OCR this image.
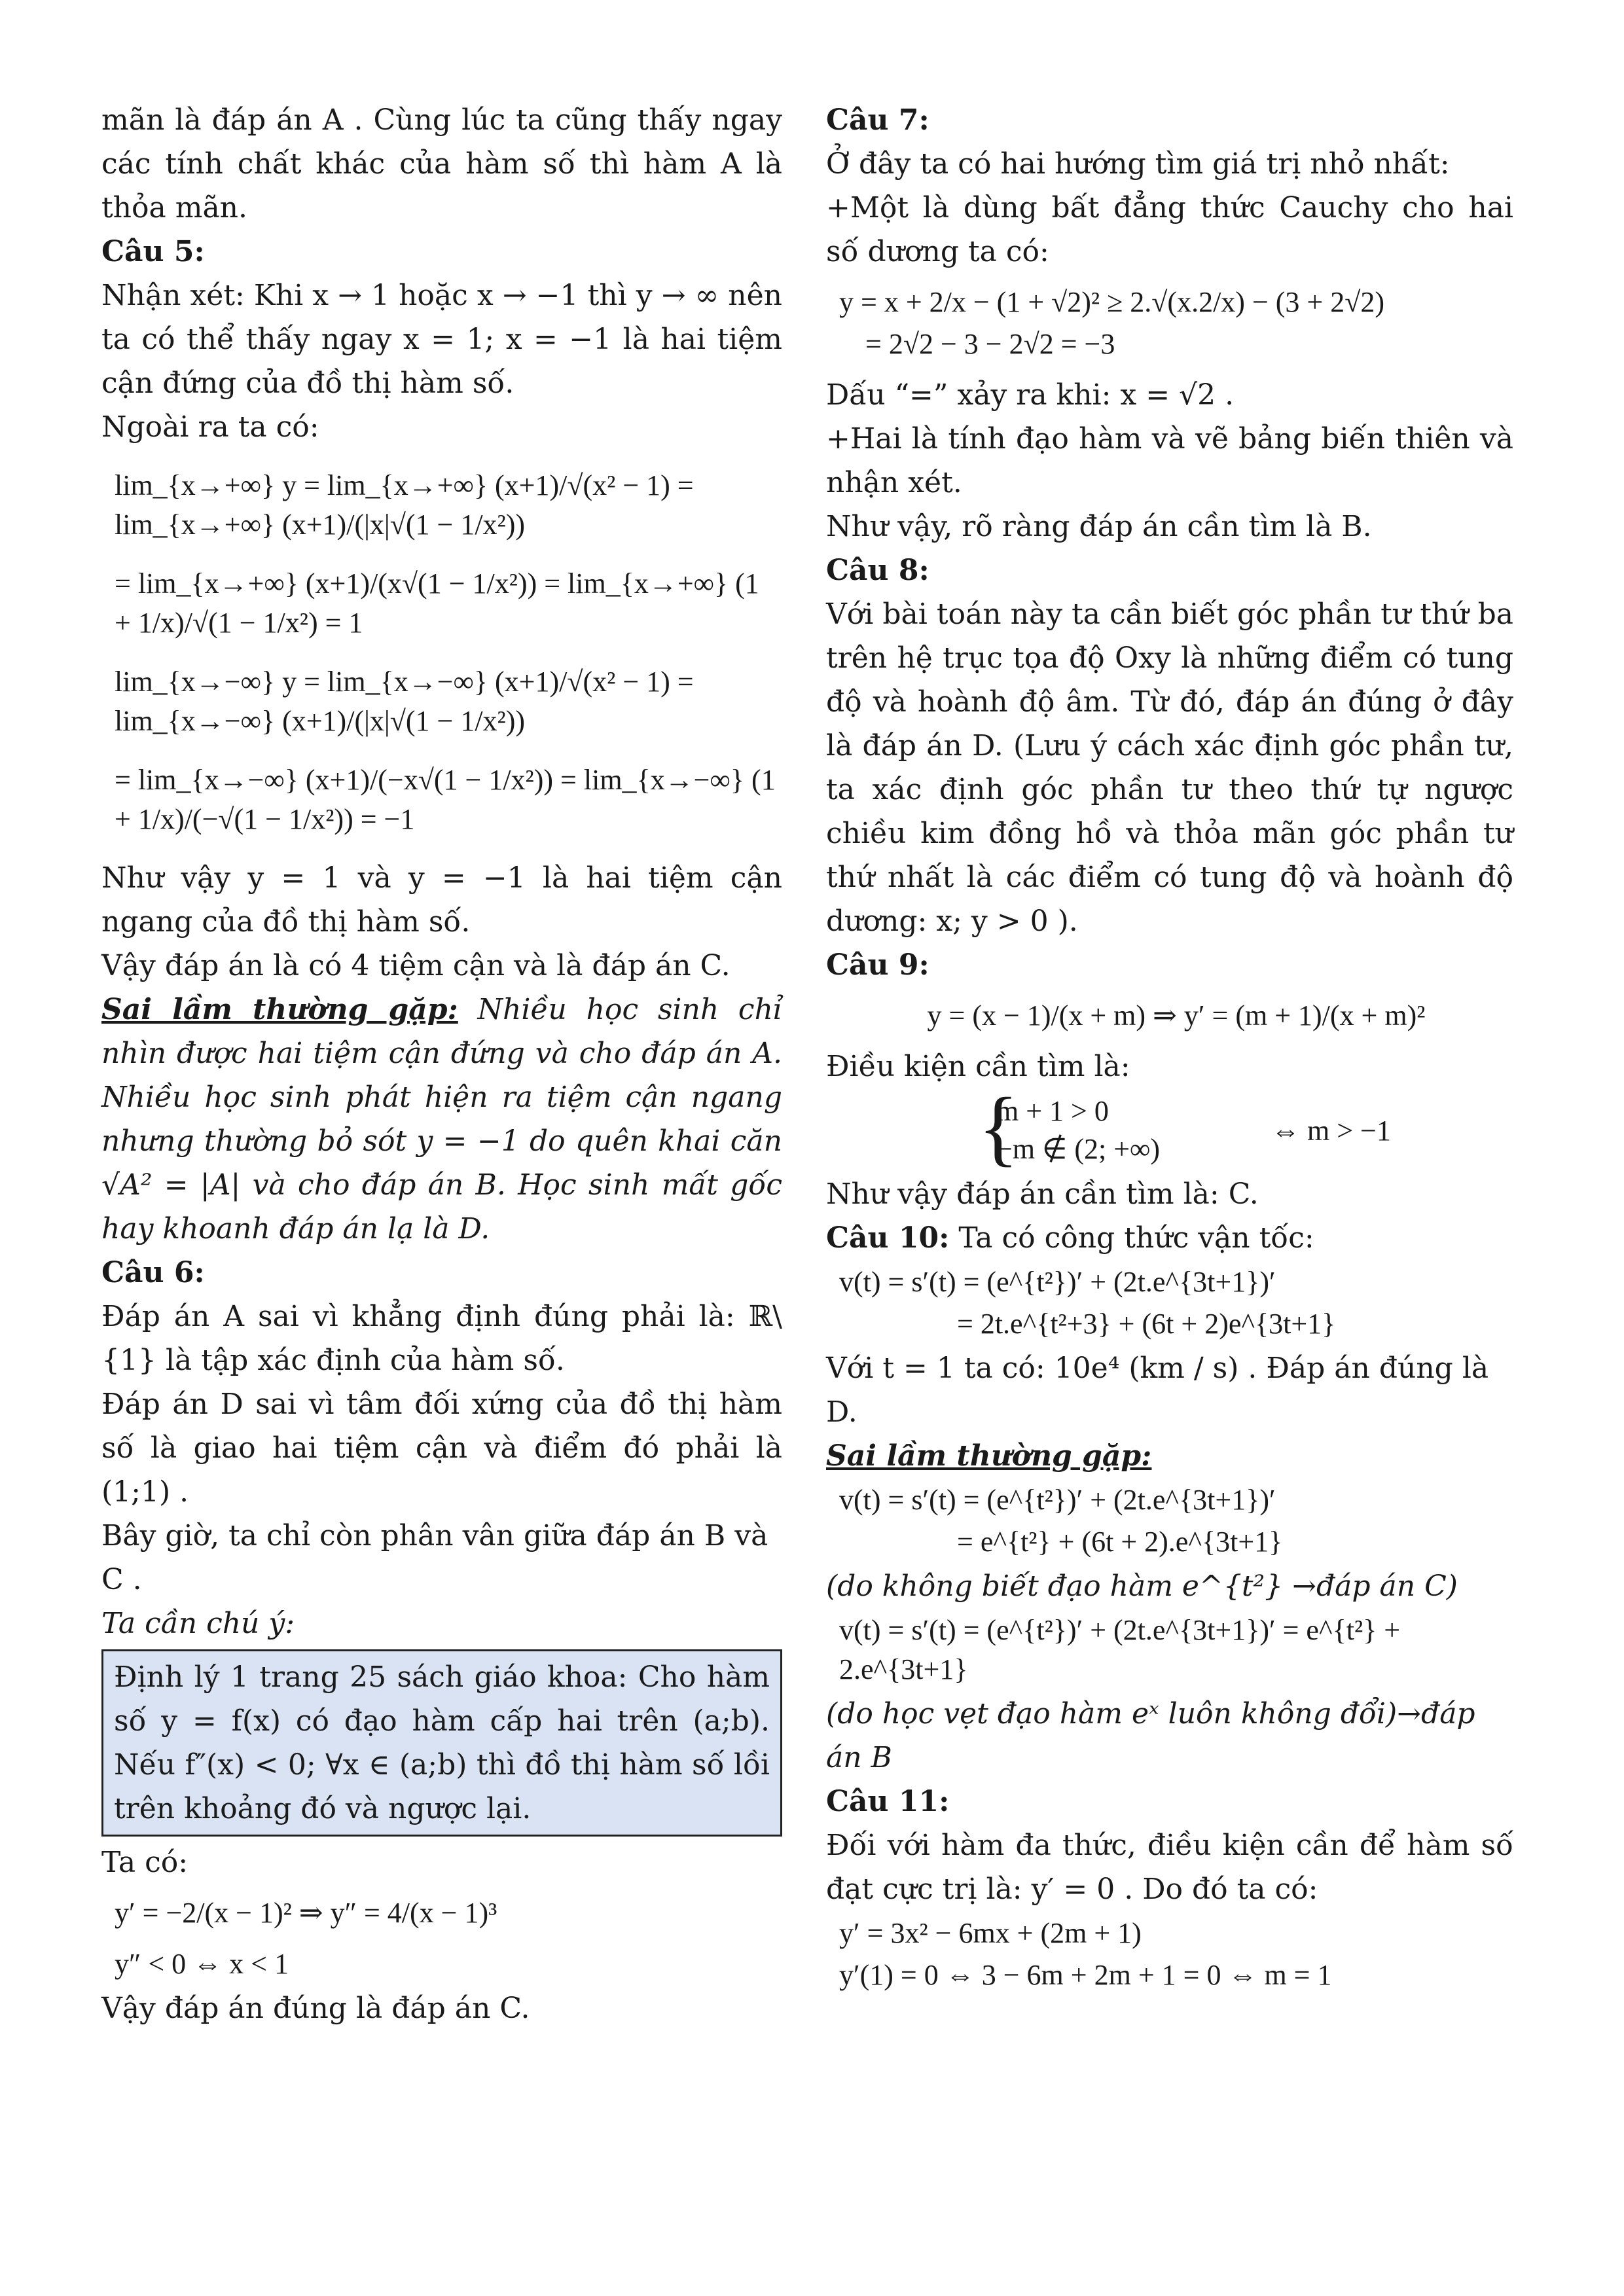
mãn là đáp án A . Cùng lúc ta cũng thấy ngay các tính chất khác của hàm số thì hàm A là thỏa mãn.

Câu 5:

Nhận xét: Khi x → 1 hoặc x → −1 thì y → ∞ nên ta có thể thấy ngay x = 1; x = −1 là hai tiệm cận đứng của đồ thị hàm số.

Ngoài ra ta có:

lim_{x→+∞} y = lim_{x→+∞} (x+1)/√(x² − 1) = lim_{x→+∞} (x+1)/(|x|√(1 − 1/x²))

= lim_{x→+∞} (x+1)/(x√(1 − 1/x²)) = lim_{x→+∞} (1 + 1/x)/√(1 − 1/x²) = 1

lim_{x→−∞} y = lim_{x→−∞} (x+1)/√(x² − 1) = lim_{x→−∞} (x+1)/(|x|√(1 − 1/x²))

= lim_{x→−∞} (x+1)/(−x√(1 − 1/x²)) = lim_{x→−∞} (1 + 1/x)/(−√(1 − 1/x²)) = −1

Như vậy y = 1 và y = −1 là hai tiệm cận ngang của đồ thị hàm số.

Vậy đáp án là có 4 tiệm cận và là đáp án C.

Sai lầm thường gặp: Nhiều học sinh chỉ nhìn được hai tiệm cận đứng và cho đáp án A. Nhiều học sinh phát hiện ra tiệm cận ngang nhưng thường bỏ sót y = −1 do quên khai căn √A² = |A| và cho đáp án B. Học sinh mất gốc hay khoanh đáp án lạ là D.

Câu 6:

Đáp án A sai vì khẳng định đúng phải là: ℝ\{1} là tập xác định của hàm số.

Đáp án D sai vì tâm đối xứng của đồ thị hàm số là giao hai tiệm cận và điểm đó phải là (1;1) .

Bây giờ, ta chỉ còn phân vân giữa đáp án B và C .

Ta cần chú ý:

Định lý 1 trang 25 sách giáo khoa: Cho hàm số y = f(x) có đạo hàm cấp hai trên (a;b). Nếu f″(x) < 0; ∀x ∈ (a;b) thì đồ thị hàm số lồi trên khoảng đó và ngược lại.

Ta có:

y′ = −2/(x − 1)² ⇒ y″ = 4/(x − 1)³

y″ < 0 ⇔ x < 1

Vậy đáp án đúng là đáp án C.

Câu 7:

Ở đây ta có hai hướng tìm giá trị nhỏ nhất:

+Một là dùng bất đẳng thức Cauchy cho hai số dương ta có:

y = x + 2/x − (1 + √2)² ≥ 2.√(x.2/x) − (3 + 2√2)

= 2√2 − 3 − 2√2 = −3

Dấu “=” xảy ra khi: x = √2 .

+Hai là tính đạo hàm và vẽ bảng biến thiên và nhận xét.

Như vậy, rõ ràng đáp án cần tìm là B.

Câu 8:

Với bài toán này ta cần biết góc phần tư thứ ba trên hệ trục tọa độ Oxy là những điểm có tung độ và hoành độ âm. Từ đó, đáp án đúng ở đây là đáp án D. (Lưu ý cách xác định góc phần tư, ta xác định góc phần tư theo thứ tự ngược chiều kim đồng hồ và thỏa mãn góc phần tư thứ nhất là các điểm có tung độ và hoành độ dương: x; y > 0 ).

Câu 9:

y = (x − 1)/(x + m) ⇒ y′ = (m + 1)/(x + m)²

Điều kiện cần tìm là:

{
m + 1 > 0
−m ∉ (2; +∞)
⇔ m > −1

Như vậy đáp án cần tìm là: C.

Câu 10: Ta có công thức vận tốc:

v(t) = s′(t) = (e^{t²})′ + (2t.e^{3t+1})′

= 2t.e^{t²+3} + (6t + 2)e^{3t+1}

Với t = 1 ta có: 10e⁴ (km / s) . Đáp án đúng là D.

Sai lầm thường gặp:

v(t) = s′(t) = (e^{t²})′ + (2t.e^{3t+1})′

= e^{t²} + (6t + 2).e^{3t+1}

(do không biết đạo hàm e^{t²} →đáp án C)

v(t) = s′(t) = (e^{t²})′ + (2t.e^{3t+1})′ = e^{t²} + 2.e^{3t+1}

(do học vẹt đạo hàm eˣ luôn không đổi)→đáp án B

Câu 11:

Đối với hàm đa thức, điều kiện cần để hàm số đạt cực trị là: y′ = 0 . Do đó ta có:

y′ = 3x² − 6mx + (2m + 1)

y′(1) = 0 ⇔ 3 − 6m + 2m + 1 = 0 ⇔ m = 1
